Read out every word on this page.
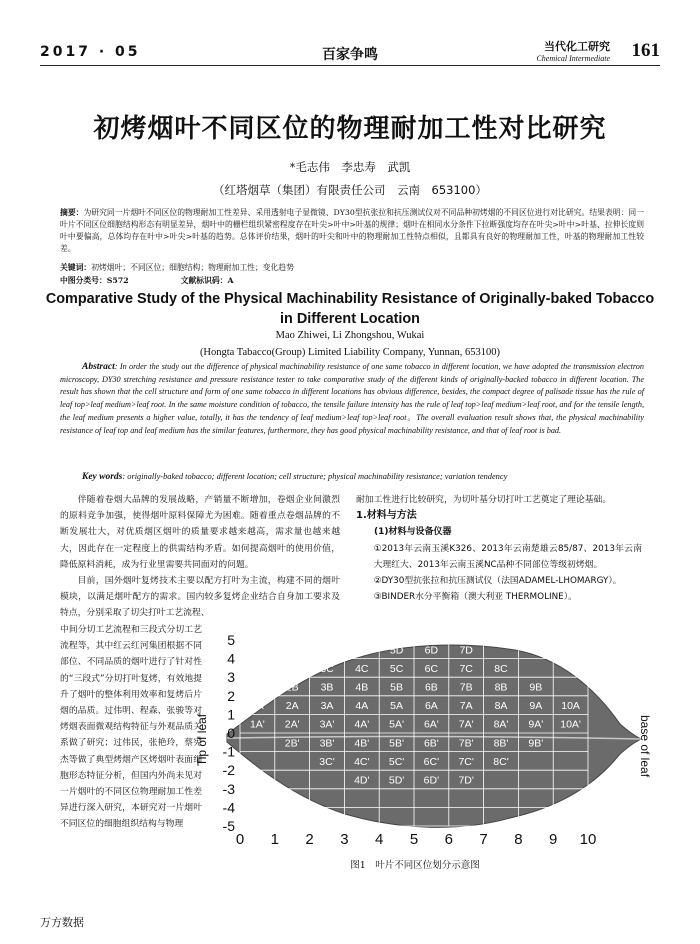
2017 · 05	百家争鸣
当代化工研究
Chemical Intermediate 161
初烤烟叶不同区位的物理耐加工性对比研究
*毛志伟　李忠寿　武凯
（红塔烟草（集团）有限责任公司　云南　653100）
摘要：为研究同一片烟叶不同区位的物理耐加工性差异、采用透射电子显微镜、DY30型抗张拉和抗压测试仪对不同品种初烤烟的不同区位进行对比研究。结果表明：同一叶片不同区位细胞结构形态有明显差异，烟叶中的栅栏组织紧密程度存在叶尖>叶中>叶基的规律；烟叶在相同水分条件下拉断强度均存在叶尖>叶中>叶基、拉伸长度则叶中要偏高，总体均存在叶中>叶尖>叶基的趋势。总体评价结果，烟叶的叶尖和叶中的物理耐加工性特点相似，且都具有良好的物理耐加工性，叶基的物理耐加工性较差。
关键词：初烤烟叶；不同区位；细胞结构；物理耐加工性；变化趋势
中图分类号：S572	文献标识码：A
Comparative Study of the Physical Machinability Resistance of Originally-baked Tobacco in Different Location
Mao Zhiwei, Li Zhongshou, Wukai
(Hongta Tabacco(Group) Limited Liability Company, Yunnan, 653100)
Abstract: In order the study out the difference of physical machinability resistance of one same tobacco in different location, we have adopted the transmission electron microscopy, DY30 stretching resistance and pressure resistance tester to take comparative study of the different kinds of originally-backed tobacco in different location. The result has shown that the cell structure and form of one same tobacco in different locations has obvious difference, besides, the compact degree of palisade tissue has the rule of leaf top>leaf medium>leaf root. In the same moisture condition of tobacco, the tensile failure intensity has the rule of leaf top>leaf medium>leaf root, and for the tensile length, the leaf medium presents a higher value, totally, it has the tendency of leaf medium>leaf top>leaf root。The overall evaluation result shows that, the physical machinability resistance of leaf top and leaf medium has the similar features, furthermore, they has good physical machinability resistance, and that of leaf root is bad.
Key words: originally-baked tobacco; different location; cell structure; physical machinability resistance; variation tendency

伴随着卷烟大品牌的发展战略，产销量不断增加，卷烟企业间激烈的原料竞争加强，使得烟叶原料保障尤为困难。随着重点卷烟品牌的不断发展壮大，对优质烟区烟叶的质量要求越来越高，需求量也越来越大，因此存在一定程度上的供需结构矛盾。如何提高烟叶的使用价值，降低原料消耗，成为行业里需要共同面对的问题。

目前，国外烟叶复烤技术主要以配方打叶为主流，构建不同的烟叶模块，以满足烟叶配方的需求。国内较多复烤企业结合自身加工要求及特点，分别采取了切尖打叶工艺流程、

中间分切工艺流程和三段式分切工艺流程等，其中红云红河集团根据不同部位、不同品质的烟叶进行了针对性的“三段式”分切打叶复烤，有效地提升了烟叶的整体利用效率和复烤后片烟的品质。过伟明、程森、张骏等对烤烟表面微观结构特征与外观品质关系做了研究；过伟民，张艳玲，蔡宪杰等做了典型烤烟产区烤烟叶表面细胞形态特征分析，但国内外尚未见对一片烟叶的不同区位物理耐加工性差异进行深入研究，本研究对一片烟叶不同区位的细胞组织结构与物理

耐加工性进行比较研究，为切叶基分切打叶工艺奠定了理论基础。

1.材料与方法

(1)材料与设备仪器

①2013年云南玉溪K326、2013年云南楚雄云85/87、2013年云南大理红大、2013年云南玉溪NC品种不同部位等级初烤烟。

②DY30型抗张拉和抗压测试仪（法国ADAMEL-LHOMARGY）。

③BINDER水分平衡箱（澳大利亚 THERMOLINE）。

4D 5D 6D 7D
3C 4C 5C 6C 7C 8C
2B 3B 4B 5B 6B 7B 8B 9B
1A 2A 3A 4A 5A 6A 7A 8A 9A 10A
1A' 2A' 3A' 4A' 5A' 6A' 7A' 8A' 9A' 10A'
2B' 3B' 4B' 5B' 6B' 7B' 8B' 9B'
3C' 4C' 5C' 6C' 7C' 8C'
4D' 5D' 6D' 7D'
0 1 2 3 4 5 6 7 8 9 10
5
4
3
2
1
0
-1
-2
-3
-4
-5
Tip of leaf	base of leaf
图1　叶片不同区位划分示意图
万方数据
